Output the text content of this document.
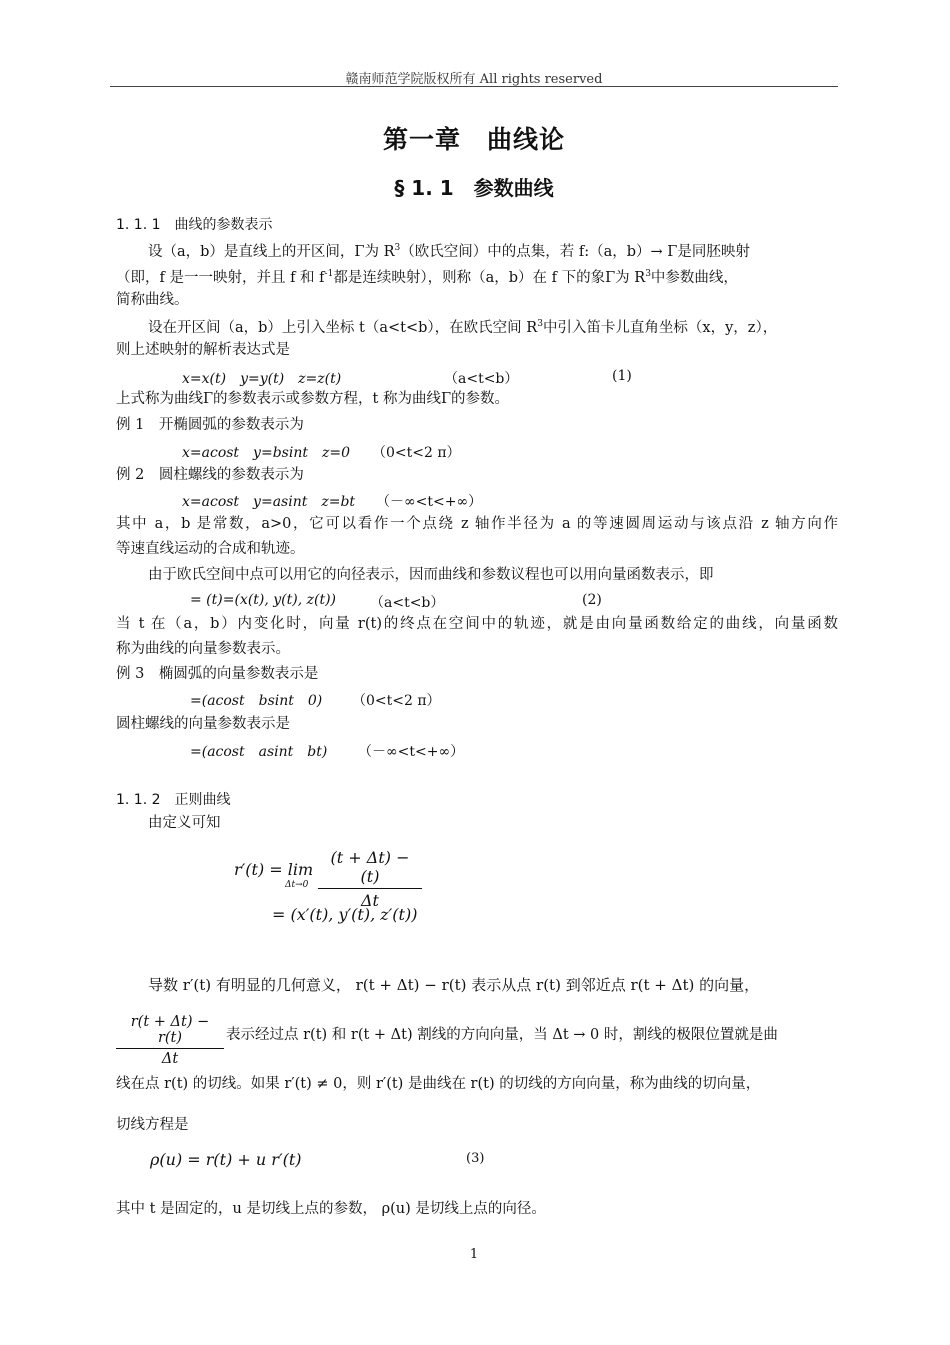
赣南师范学院版权所有 All rights reserved
第一章　曲线论
§ 1. 1　参数曲线
1. 1. 1　曲线的参数表示
设（a，b）是直线上的开区间，Γ为 $R^3$（欧氏空间）中的点集，若 f:（a，b）→ Γ是同胚映射
（即，f 是一一映射，并且 f 和 $f^{-1}$都是连续映射），则称（a，b）在 f 下的象Γ为 $R^3$中参数曲线，
简称曲线。
设在开区间（a，b）上引入坐标 t（a<t<b），在欧氏空间 $R^3$中引入笛卡儿直角坐标（x，y，z），
则上述映射的解析表达式是
x=x(t)　y=y(t)　z=z(t)	（a<t<b）	(1)
上式称为曲线Γ的参数表示或参数方程，t 称为曲线Γ的参数。
例 1　开椭圆弧的参数表示为
x=acost　y=bsint　z=0 （0<t<2 π）
例 2　圆柱螺线的参数表示为
x=acost　y=asint　z=bt （－∞<t<+∞）
其中 a，b 是常数，a>0，它可以看作一个点绕 z 轴作半径为 a 的等速圆周运动与该点沿 z 轴方向作
等速直线运动的合成和轨迹。
由于欧氏空间中点可以用它的向径表示，因而曲线和参数议程也可以用向量函数表示，即
= (t)=(x(t), y(t), z(t)) （a<t<b）	(2)
当 t 在（a，b）内变化时，向量 r(t)的终点在空间中的轨迹，就是由向量函数给定的曲线，向量函数
称为曲线的向量参数表示。
例 3　椭圆弧的向量参数表示是
=(acost　bsint　0) （0<t<2 π）
圆柱螺线的向量参数表示是
=(acost　asint　bt) （－∞<t<+∞）
1. 1. 2　正则曲线
由定义可知
r′(t) = lim
Δt→0
(t + Δt) − (t)
Δt
= (x′(t), y′(t), z′(t))
导数 r′(t) 有明显的几何意义， r(t + Δt) − r(t) 表示从点 r(t) 到邻近点 r(t + Δt) 的向量，
r(t + Δt) − r(t)
Δt
表示经过点 r(t) 和 r(t + Δt) 割线的方向向量，当 Δt → 0 时，割线的极限位置就是曲
线在点 r(t) 的切线。如果 r′(t) ≠ 0，则 r′(t) 是曲线在 r(t) 的切线的方向向量，称为曲线的切向量，
切线方程是
ρ(u) = r(t) + u r′(t)	(3)
其中 t 是固定的，u 是切线上点的参数， ρ(u) 是切线上点的向径。
1
